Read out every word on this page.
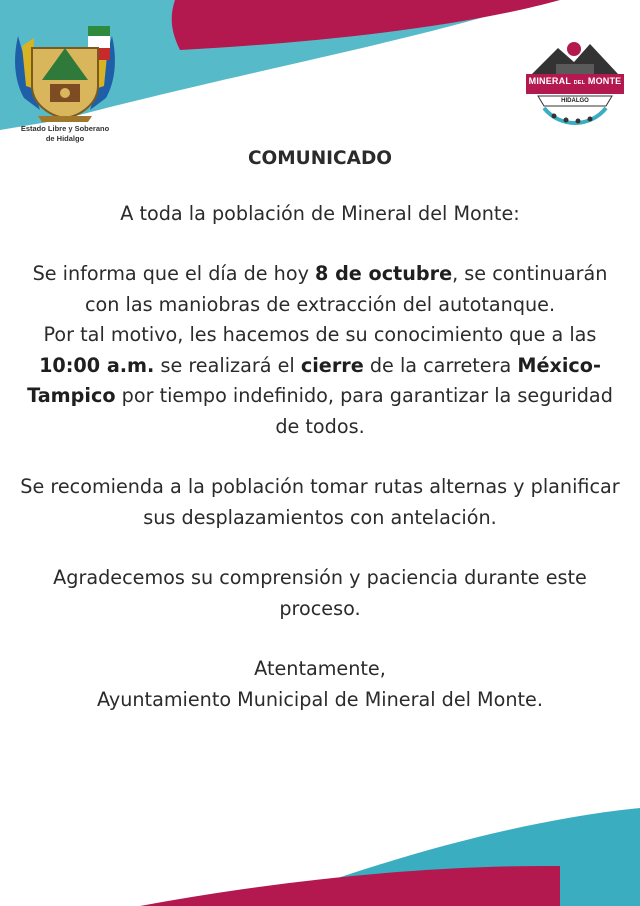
Estado Libre y Soberano
de Hidalgo
MINERAL DEL MONTE
HIDALGO

COMUNICADO

A toda la población de Mineral del Monte:

Se informa que el día de hoy 8 de octubre, se continuarán con las maniobras de extracción del autotanque.

Por tal motivo, les hacemos de su conocimiento que a las 10:00 a.m. se realizará el cierre de la carretera México-Tampico por tiempo indefinido, para garantizar la seguridad de todos.

Se recomienda a la población tomar rutas alternas y planificar sus desplazamientos con antelación.

Agradecemos su comprensión y paciencia durante este proceso.

Atentamente,

Ayuntamiento Municipal de Mineral del Monte.
